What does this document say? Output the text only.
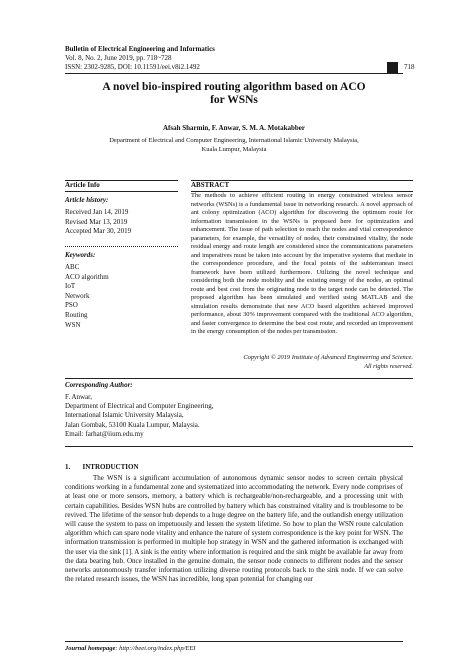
Bulletin of Electrical Engineering and Informatics
Vol. 8, No. 2, June 2019, pp. 718~728
ISSN: 2302-9285, DOI: 10.11591/eei.v8i2.1492	718
A novel bio-inspired routing algorithm based on ACO
for WSNs
Afsah Sharmin, F. Anwar, S. M. A. Motakabber
Department of Electrical and Computer Engineering, International Islamic University Malaysia,
Kuala Lumpur, Malaysia
Article Info
Article history:
Received Jan 14, 2019
Revised Mar 13, 2019
Accepted Mar 30, 2019
Keywords:
ABC
ACO algorithm
IoT
Network
PSO
Routing
WSN
ABSTRACT
The methods to achieve efficient routing in energy constrained wireless sensor networks (WSNs) is a fundamental issue in networking research. A novel approach of ant colony optimization (ACO) algorithm for discovering the optimum route for information transmission in the WSNs is proposed here for optimization and enhancement. The issue of path selection to reach the nodes and vital correspondence parameters, for example, the versatility of nodes, their constrained vitality, the node residual energy and route length are considered since the communications parameters and imperatives must be taken into account by the imperative systems that mediate in the correspondence procedure, and the focal points of the subterranean insect framework have been utilized furthermore. Utilizing the novel technique and considering both the node mobility and the existing energy of the nodes, an optimal route and best cost from the originating node to the target node can be detected. The proposed algorithm has been simulated and verified using MATLAB and the simulation results demonstrate that new ACO based algorithm achieved improved performance, about 30% improvement compared with the traditional ACO algorithm, and faster convergence to determine the best cost route, and recorded an improvement in the energy consumption of the nodes per transmission.
Copyright © 2019 Institute of Advanced Engineering and Science.
All rights reserved.
Corresponding Author:
F. Anwar,
Department of Electrical and Computer Engineering,
International Islamic University Malaysia,
Jalan Gombak, 53100 Kuala Lumpur, Malaysia.
Email: farhat@iium.edu.my
1.       INTRODUCTION
The WSN is a significant accumulation of autonomous dynamic sensor nodes to screen certain physical conditions working in a fundamental zone and systematized into accommodating the network. Every node comprises of at least one or more sensors, memory, a battery which is rechargeable/non-rechargeable, and a processing unit with certain capabilities. Besides WSN hubs are controlled by battery which has constrained vitality and is troublesome to be revived. The lifetime of the sensor hub depends to a huge degree on the battery life, and the outlandish energy utilization will cause the system to pass on impetuously and lessen the system lifetime. So how to plan the WSN route calculation algorithm which can spare node vitality and enhance the nature of system correspondence is the key point for WSN. The information transmission is performed in multiple hop strategy in WSN and the gathered information is exchanged with the user via the sink [1]. A sink is the entity where information is required and the sink might be available far away from the data bearing hub. Once installed in the genuine domain, the sensor node connects to different nodes and the sensor networks autonomously transfer information utilizing diverse routing protocols back to the sink node. If we can solve the related research issues, the WSN has incredible, long span potential for changing our
Journal homepage: http://beei.org/index.php/EEI
